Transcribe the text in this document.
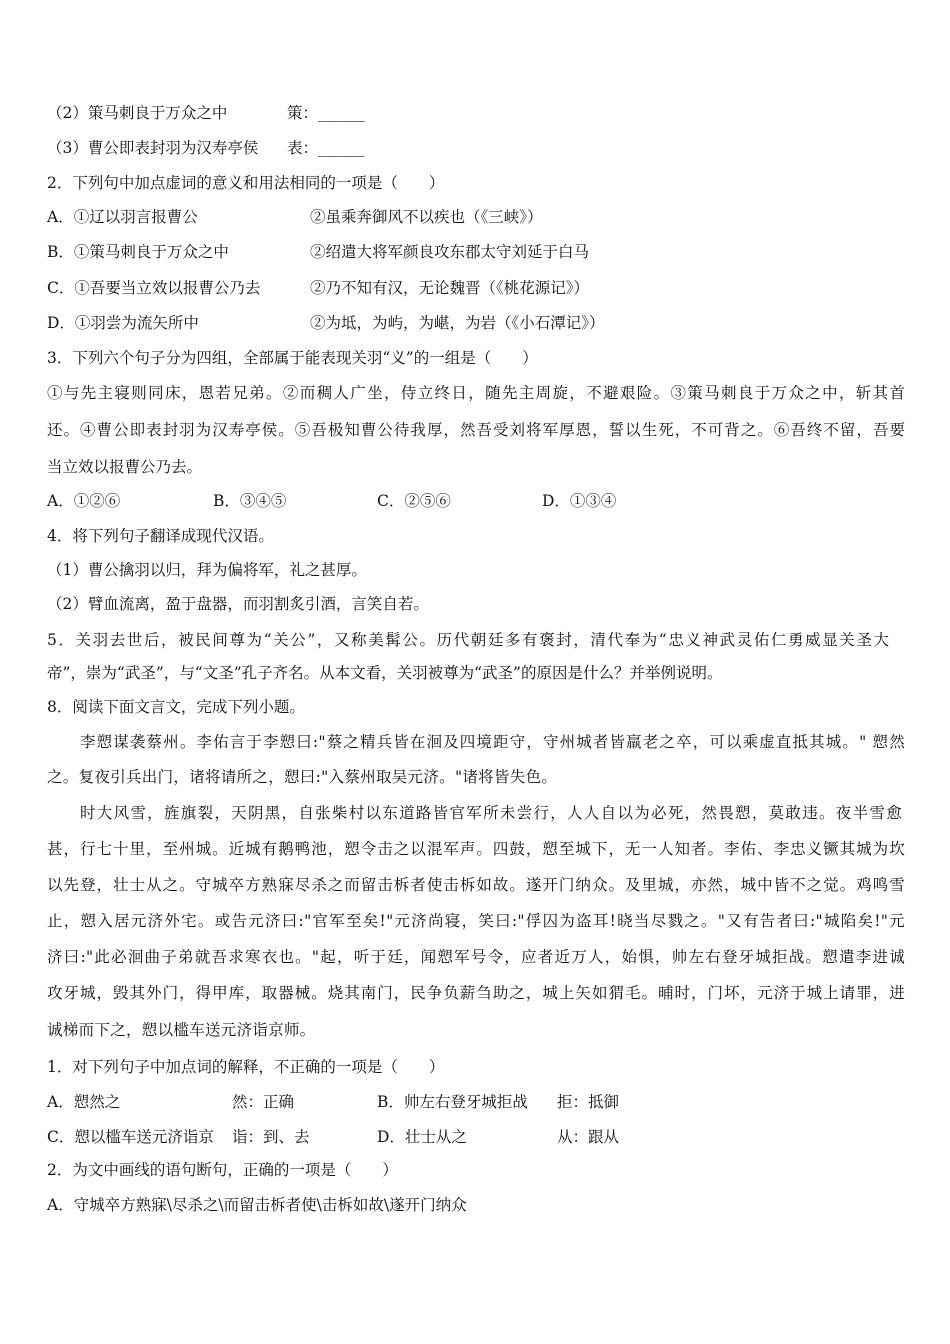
（2）策马刺良于万众之中	策：______
（3）曹公即表封羽为汉寿亭侯 表：______
2．下列句中加点虚词的意义和用法相同的一项是（　　）
A．①辽以羽言报曹公	②虽乘奔御风不以疾也（《三峡》）
B．①策马刺良于万众之中	②绍遣大将军颜良攻东郡太守刘延于白马
C．①吾要当立效以报曹公乃去	②乃不知有汉，无论魏晋（《桃花源记》）
D．①羽尝为流矢所中	②为坻，为屿，为嵁，为岩（《小石潭记》）
3．下列六个句子分为四组，全部属于能表现关羽“义”的一组是（　　）
①与先主寝则同床，恩若兄弟。②而稠人广坐，侍立终日，随先主周旋，不避艰险。③策马刺良于万众之中，斩其首
还。④曹公即表封羽为汉寿亭侯。⑤吾极知曹公待我厚，然吾受刘将军厚恩，誓以生死，不可背之。⑥吾终不留，吾要
当立效以报曹公乃去。
A．①②⑥	B．③④⑤	C．②⑤⑥	D．①③④
4．将下列句子翻译成现代汉语。
（1）曹公擒羽以归，拜为偏将军，礼之甚厚。
（2）臂血流离，盈于盘器，而羽割炙引酒，言笑自若。
5．关羽去世后，被民间尊为“关公”，又称美髯公。历代朝廷多有褒封，清代奉为“忠义神武灵佑仁勇威显关圣大
帝”，崇为“武圣”，与“文圣”孔子齐名。从本文看，关羽被尊为“武圣”的原因是什么？并举例说明。
8．阅读下面文言文，完成下列小题。
李愬谋袭蔡州。李佑言于李愬曰:"蔡之精兵皆在洄及四境距守，守州城者皆羸老之卒，可以乘虚直抵其城。" 愬然
之。复夜引兵出门，诸将请所之，愬曰:"入蔡州取吴元济。"诸将皆失色。
时大风雪，旌旗裂，天阴黑，自张柴村以东道路皆官军所未尝行，人人自以为必死，然畏愬，莫敢违。夜半雪愈
甚，行七十里，至州城。近城有鹅鸭池，愬令击之以混军声。四鼓，愬至城下，无一人知者。李佑、李忠义镢其城为坎
以先登，壮士从之。守城卒方熟寐尽杀之而留击柝者使击柝如故。遂开门纳众。及里城，亦然，城中皆不之觉。鸡鸣雪
止，愬入居元济外宅。或告元济曰:"官军至矣!"元济尚寝，笑曰:"俘囚为盗耳!晓当尽戮之。"又有告者曰:"城陷矣!"元
济曰:"此必洄曲子弟就吾求寒衣也。"起，听于廷，闻愬军号令，应者近万人，始惧，帅左右登牙城拒战。愬遣李进诚
攻牙城，毁其外门，得甲库，取器械。烧其南门，民争负薪刍助之，城上矢如猬毛。晡时，门坏，元济于城上请罪，进
诚梯而下之，愬以槛车送元济诣京师。
1．对下列句子中加点词的解释，不正确的一项是（　　）
A．愬然之	然：正确	B．帅左右登牙城拒战 拒：抵御
C．愬以槛车送元济诣京 诣：到、去	D．壮士从之	从：跟从
2．为文中画线的语句断句，正确的一项是（　　）
A．守城卒方熟寐\尽杀之\而留击柝者使\击柝如故\遂开门纳众
